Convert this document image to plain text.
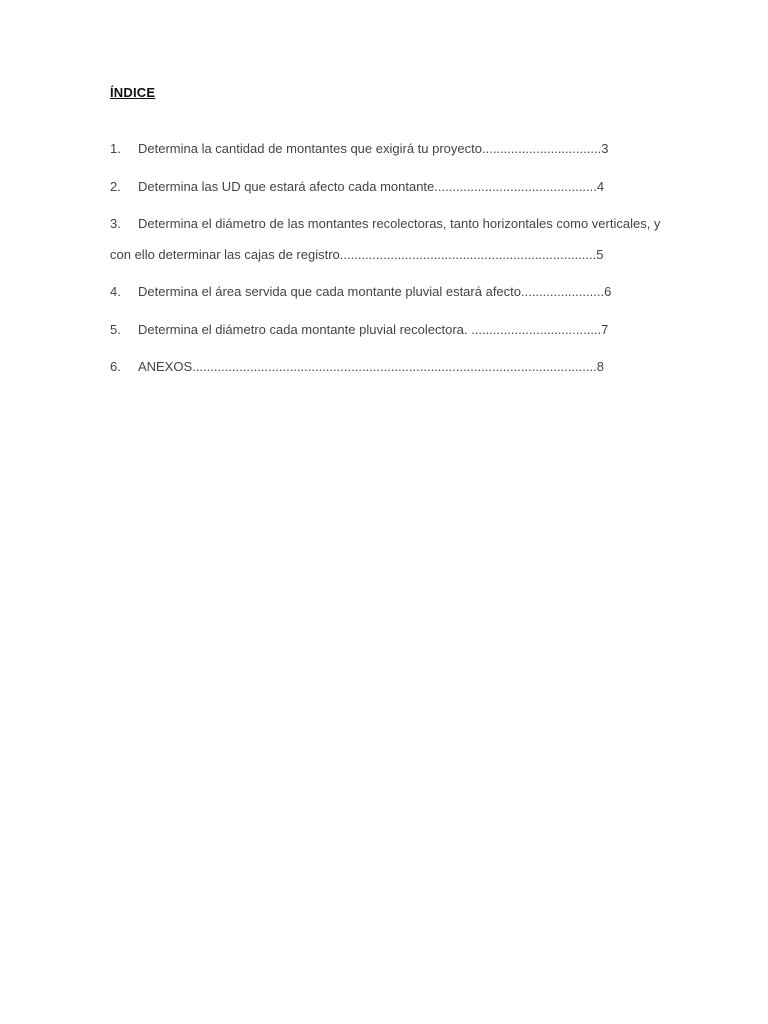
ÍNDICE
1. Determina la cantidad de montantes que exigirá tu proyecto.................................3
2. Determina las UD que estará afecto cada montante.............................................4
3. Determina el diámetro de las montantes recolectoras, tanto horizontales como verticales, y
con ello determinar las cajas de registro.......................................................................5
4. Determina el área servida que cada montante pluvial estará afecto.......................6
5. Determina el diámetro cada montante pluvial recolectora. ....................................7
6. ANEXOS................................................................................................................8
